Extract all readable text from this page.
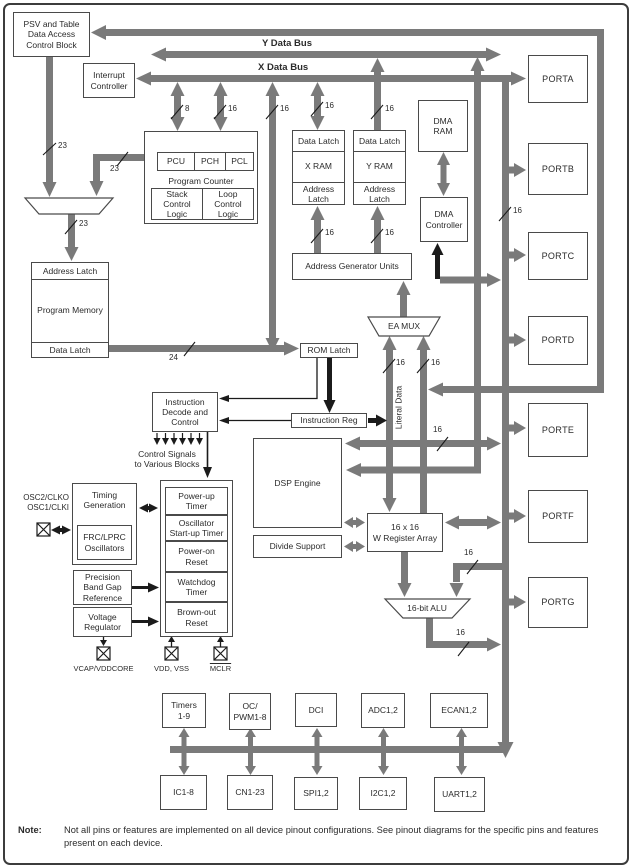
PSV and Table
Data Access
Control Block
Interrupt
Controller
PCU	PCH	PCL
Program Counter
Stack
Control
Logic
Loop
Control
Logic
Data Latch
X RAM
Address
Latch
Data Latch
Y RAM
Address
Latch
DMA
RAM
DMA
Controller
Address Generator Units
EA MUX
Address Latch
Program Memory
Data Latch	ROM Latch
Instruction Reg
Instruction
Decode and
Control
Control Signals
to Various Blocks
DSP Engine
Divide Support
16 x 16
W Register Array
16-bit ALU
Literal Data
OSC2/CLKO
OSC1/CLKI
Timing
Generation
FRC/LPRC
Oscillators
Precision
Band Gap
Reference
Voltage
Regulator
Power-up
Timer
Oscillator
Start-up Timer
Power-on
Reset
Watchdog
Timer
Brown-out
Reset
VCAP/VDDCORE	VDD, VSS	MCLR
Y Data Bus
X Data Bus
23
23
23
8	16	16	16	16
16	16
16
24
16	16
16
16
16
PORTA
PORTB
PORTC
PORTD
PORTE
PORTF
PORTG
Timers
1-9
OC/
PWM1-8
DCI	ADC1,2	ECAN1,2
IC1-8	CN1-23	SPI1,2	I2C1,2	UART1,2
Note: Not all pins or features are implemented on all device pinout configurations. See pinout diagrams for the specific pins and features present on each device.
